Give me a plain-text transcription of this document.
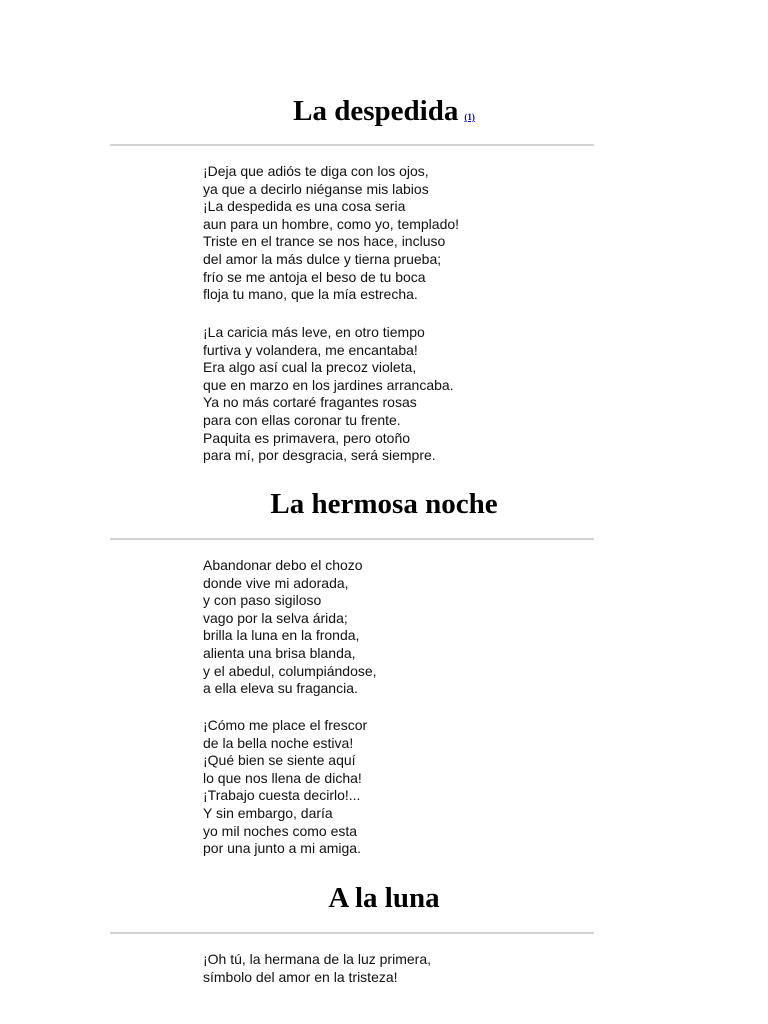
La despedida (1)
¡Deja que adiós te diga con los ojos,
ya que a decirlo niéganse mis labios
¡La despedida es una cosa seria
aun para un hombre, como yo, templado!
Triste en el trance se nos hace, incluso
del amor la más dulce y tierna prueba;
frío se me antoja el beso de tu boca
floja tu mano, que la mía estrecha.
¡La caricia más leve, en otro tiempo
furtiva y volandera, me encantaba!
Era algo así cual la precoz violeta,
que en marzo en los jardines arrancaba.
Ya no más cortaré fragantes rosas
para con ellas coronar tu frente.
Paquita es primavera, pero otoño
para mí, por desgracia, será siempre.
La hermosa noche
Abandonar debo el chozo
donde vive mi adorada,
y con paso sigiloso
vago por la selva árida;
brilla la luna en la fronda,
alienta una brisa blanda,
y el abedul, columpiándose,
a ella eleva su fragancia.
¡Cómo me place el frescor
de la bella noche estiva!
¡Qué bien se siente aquí
lo que nos llena de dicha!
¡Trabajo cuesta decirlo!...
Y sin embargo, daría
yo mil noches como esta
por una junto a mi amiga.
A la luna
¡Oh tú, la hermana de la luz primera,
símbolo del amor en la tristeza!
